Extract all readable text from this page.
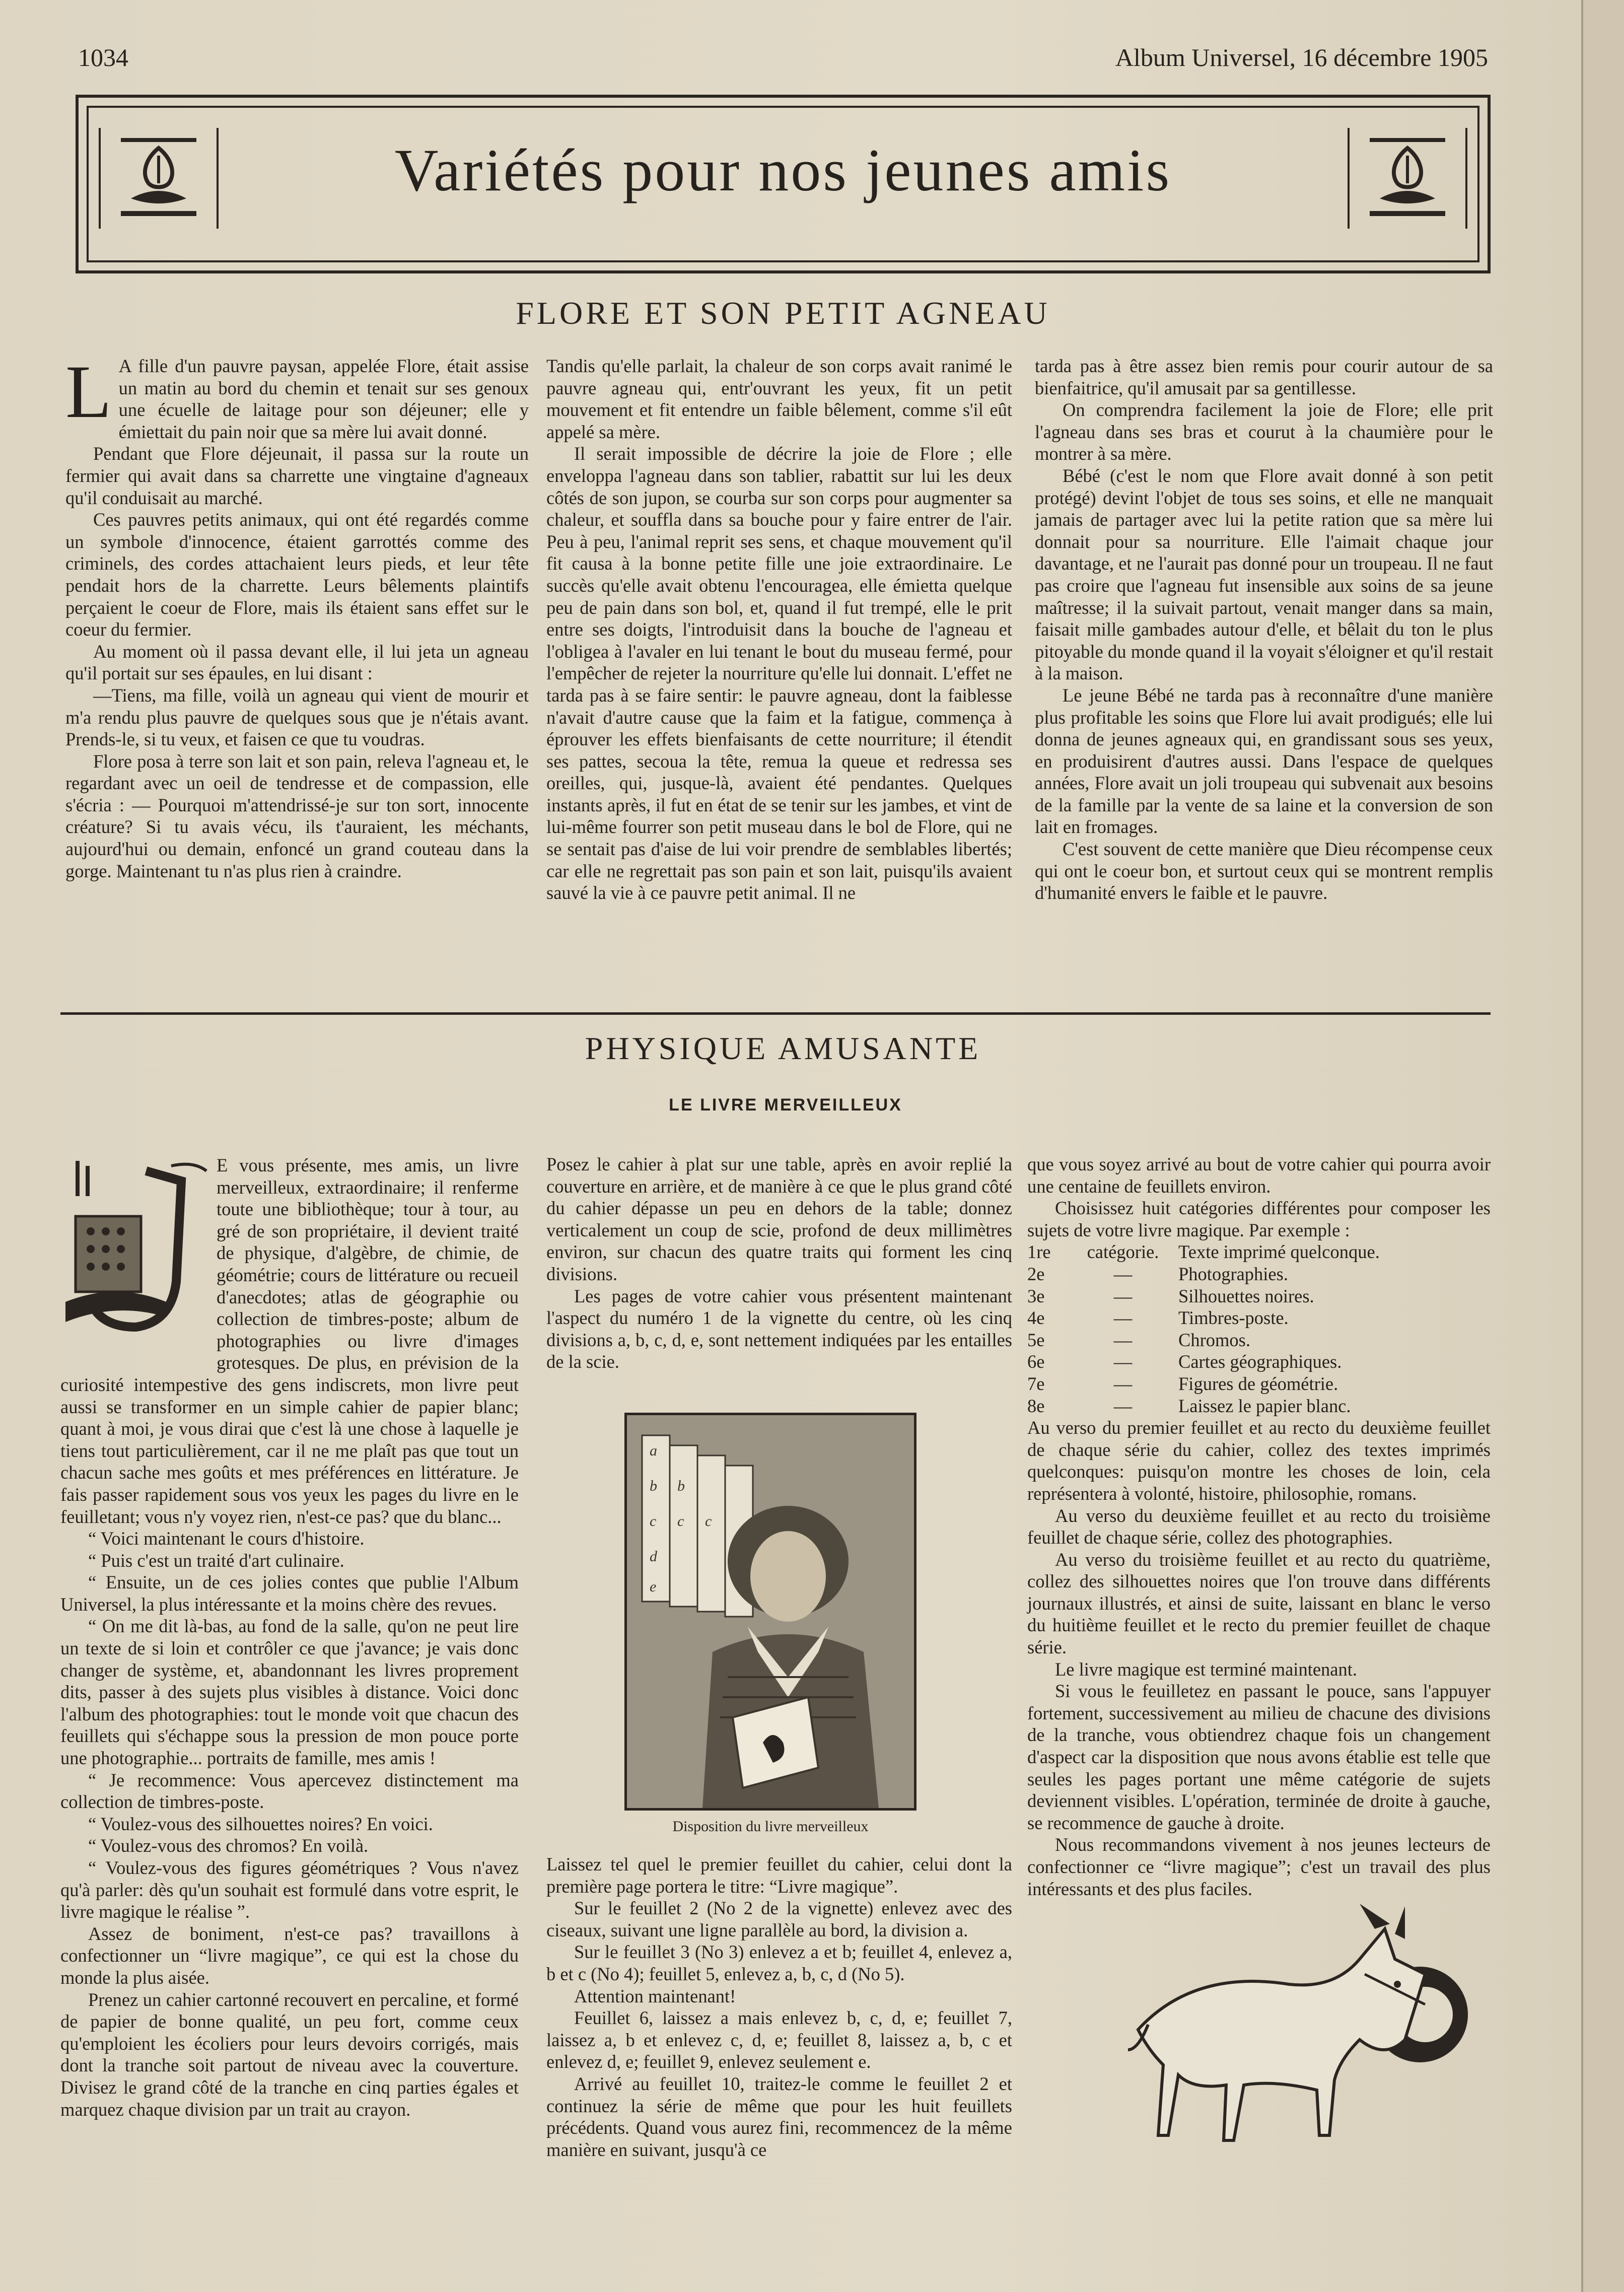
1034	Album Universel, 16 décembre 1905
Variétés pour nos jeunes amis
FLORE ET SON PETIT AGNEAU
L A fille d'un pauvre paysan, appelée Flore, était assise un matin au bord du chemin et tenait sur ses genoux une écuelle de laitage pour son déjeuner; elle y émiettait du pain noir que sa mère lui avait donné.

Pendant que Flore déjeunait, il passa sur la route un fermier qui avait dans sa charrette une vingtaine d'agneaux qu'il conduisait au marché.

Ces pauvres petits animaux, qui ont été regardés comme un symbole d'innocence, étaient garrottés comme des criminels, des cordes attachaient leurs pieds, et leur tête pendait hors de la charrette. Leurs bêlements plaintifs perçaient le coeur de Flore, mais ils étaient sans effet sur le coeur du fermier.

Au moment où il passa devant elle, il lui jeta un agneau qu'il portait sur ses épaules, en lui disant :

—Tiens, ma fille, voilà un agneau qui vient de mourir et m'a rendu plus pauvre de quelques sous que je n'étais avant. Prends-le, si tu veux, et faisen ce que tu voudras.

Flore posa à terre son lait et son pain, releva l'agneau et, le regardant avec un oeil de tendresse et de compassion, elle s'écria : — Pourquoi m'attendrissé-je sur ton sort, innocente créature? Si tu avais vécu, ils t'auraient, les méchants, aujourd'hui ou demain, enfoncé un grand couteau dans la gorge. Maintenant tu n'as plus rien à craindre.

Tandis qu'elle parlait, la chaleur de son corps avait ranimé le pauvre agneau qui, entr'ouvrant les yeux, fit un petit mouvement et fit entendre un faible bêlement, comme s'il eût appelé sa mère.

Il serait impossible de décrire la joie de Flore ; elle enveloppa l'agneau dans son tablier, rabattit sur lui les deux côtés de son jupon, se courba sur son corps pour augmenter sa chaleur, et souffla dans sa bouche pour y faire entrer de l'air. Peu à peu, l'animal reprit ses sens, et chaque mouvement qu'il fit causa à la bonne petite fille une joie extraordinaire. Le succès qu'elle avait obtenu l'encouragea, elle émietta quelque peu de pain dans son bol, et, quand il fut trempé, elle le prit entre ses doigts, l'introduisit dans la bouche de l'agneau et l'obligea à l'avaler en lui tenant le bout du museau fermé, pour l'empêcher de rejeter la nourriture qu'elle lui donnait. L'effet ne tarda pas à se faire sentir: le pauvre agneau, dont la faiblesse n'avait d'autre cause que la faim et la fatigue, commença à éprouver les effets bienfaisants de cette nourriture; il étendit ses pattes, secoua la tête, remua la queue et redressa ses oreilles, qui, jusque-là, avaient été pendantes. Quelques instants après, il fut en état de se tenir sur les jambes, et vint de lui-même fourrer son petit museau dans le bol de Flore, qui ne se sentait pas d'aise de lui voir prendre de semblables libertés; car elle ne regrettait pas son pain et son lait, puisqu'ils avaient sauvé la vie à ce pauvre petit animal. Il ne

tarda pas à être assez bien remis pour courir autour de sa bienfaitrice, qu'il amusait par sa gentillesse.

On comprendra facilement la joie de Flore; elle prit l'agneau dans ses bras et courut à la chaumière pour le montrer à sa mère.

Bébé (c'est le nom que Flore avait donné à son petit protégé) devint l'objet de tous ses soins, et elle ne manquait jamais de partager avec lui la petite ration que sa mère lui donnait pour sa nourriture. Elle l'aimait chaque jour davantage, et ne l'aurait pas donné pour un troupeau. Il ne faut pas croire que l'agneau fut insensible aux soins de sa jeune maîtresse; il la suivait partout, venait manger dans sa main, faisait mille gambades autour d'elle, et bêlait du ton le plus pitoyable du monde quand il la voyait s'éloigner et qu'il restait à la maison.

Le jeune Bébé ne tarda pas à reconnaître d'une manière plus profitable les soins que Flore lui avait prodigués; elle lui donna de jeunes agneaux qui, en grandissant sous ses yeux, en produisirent d'autres aussi. Dans l'espace de quelques années, Flore avait un joli troupeau qui subvenait aux besoins de la famille par la vente de sa laine et la conversion de son lait en fromages.

C'est souvent de cette manière que Dieu récompense ceux qui ont le coeur bon, et surtout ceux qui se montrent remplis d'humanité envers le faible et le pauvre.

PHYSIQUE AMUSANTE
LE LIVRE MERVEILLEUX

E vous présente, mes amis, un livre merveilleux, extraordinaire; il renferme toute une bibliothèque; tour à tour, au gré de son propriétaire, il devient traité de physique, d'algèbre, de chimie, de géométrie; cours de littérature ou recueil d'anecdotes; atlas de géographie ou collection de timbres-poste; album de photographies ou livre d'images grotesques. De plus, en prévision de la curiosité intempestive des gens indiscrets, mon livre peut aussi se transformer en un simple cahier de papier blanc; quant à moi, je vous dirai que c'est là une chose à laquelle je tiens tout particulièrement, car il ne me plaît pas que tout un chacun sache mes goûts et mes préférences en littérature. Je fais passer rapidement sous vos yeux les pages du livre en le feuilletant; vous n'y voyez rien, n'est-ce pas? que du blanc...

“ Voici maintenant le cours d'histoire.

“ Puis c'est un traité d'art culinaire.

“ Ensuite, un de ces jolies contes que publie l'Album Universel, la plus intéressante et la moins chère des revues.

“ On me dit là-bas, au fond de la salle, qu'on ne peut lire un texte de si loin et contrôler ce que j'avance; je vais donc changer de système, et, abandonnant les livres proprement dits, passer à des sujets plus visibles à distance. Voici donc l'album des photographies: tout le monde voit que chacun des feuillets qui s'échappe sous la pression de mon pouce porte une photographie... portraits de famille, mes amis !

“ Je recommence: Vous apercevez distinctement ma collection de timbres-poste.

“ Voulez-vous des silhouettes noires? En voici.

“ Voulez-vous des chromos? En voilà.

“ Voulez-vous des figures géométriques ? Vous n'avez qu'à parler: dès qu'un souhait est formulé dans votre esprit, le livre magique le réalise ”.

Assez de boniment, n'est-ce pas? travaillons à confectionner un “livre magique”, ce qui est la chose du monde la plus aisée.

Prenez un cahier cartonné recouvert en percaline, et formé de papier de bonne qualité, un peu fort, comme ceux qu'emploient les écoliers pour leurs devoirs corrigés, mais dont la tranche soit partout de niveau avec la couverture. Divisez le grand côté de la tranche en cinq parties égales et marquez chaque division par un trait au crayon.

Posez le cahier à plat sur une table, après en avoir replié la couverture en arrière, et de manière à ce que le plus grand côté du cahier dépasse un peu en dehors de la table; donnez verticalement un coup de scie, profond de deux millimètres environ, sur chacun des quatre traits qui forment les cinq divisions.

Les pages de votre cahier vous présentent maintenant l'aspect du numéro 1 de la vignette du centre, où les cinq divisions a, b, c, d, e, sont nettement indiquées par les entailles de la scie.

a
b
c
d
e
b
c c
Disposition du livre merveilleux

Laissez tel quel le premier feuillet du cahier, celui dont la première page portera le titre: “Livre magique”.

Sur le feuillet 2 (No 2 de la vignette) enlevez avec des ciseaux, suivant une ligne parallèle au bord, la division a.

Sur le feuillet 3 (No 3) enlevez a et b; feuillet 4, enlevez a, b et c (No 4); feuillet 5, enlevez a, b, c, d (No 5).

Attention maintenant!

Feuillet 6, laissez a mais enlevez b, c, d, e; feuillet 7, laissez a, b et enlevez c, d, e; feuillet 8, laissez a, b, c et enlevez d, e; feuillet 9, enlevez seulement e.

Arrivé au feuillet 10, traitez-le comme le feuillet 2 et continuez la série de même que pour les huit feuillets précédents. Quand vous aurez fini, recommencez de la même manière en suivant, jusqu'à ce

que vous soyez arrivé au bout de votre cahier qui pourra avoir une centaine de feuillets environ.

Choisissez huit catégories différentes pour composer les sujets de votre livre magique. Par exemple :

1re	catégorie.	Texte imprimé quelconque.
2e	—	Photographies.
3e	—	Silhouettes noires.
4e	—	Timbres-poste.
5e	—	Chromos.
6e	—	Cartes géographiques.
7e	—	Figures de géométrie.
8e	—	Laissez le papier blanc.

Au verso du premier feuillet et au recto du deuxième feuillet de chaque série du cahier, collez des textes imprimés quelconques: puisqu'on montre les choses de loin, cela représentera à volonté, histoire, philosophie, romans.

Au verso du deuxième feuillet et au recto du troisième feuillet de chaque série, collez des photographies.

Au verso du troisième feuillet et au recto du quatrième, collez des silhouettes noires que l'on trouve dans différents journaux illustrés, et ainsi de suite, laissant en blanc le verso du huitième feuillet et le recto du premier feuillet de chaque série.

Le livre magique est terminé maintenant.

Si vous le feuilletez en passant le pouce, sans l'appuyer fortement, successivement au milieu de chacune des divisions de la tranche, vous obtiendrez chaque fois un changement d'aspect car la disposition que nous avons établie est telle que seules les pages portant une même catégorie de sujets deviennent visibles. L'opération, terminée de droite à gauche, se recommence de gauche à droite.

Nous recommandons vivement à nos jeunes lecteurs de confectionner ce “livre magique”; c'est un travail des plus intéressants et des plus faciles.
